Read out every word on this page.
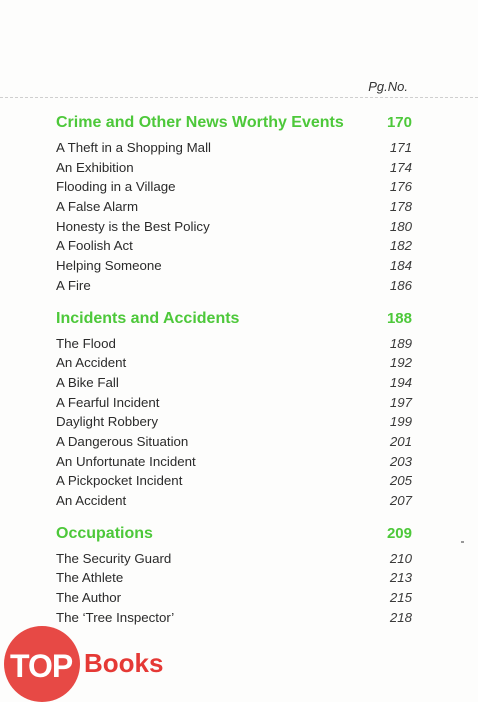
Pg.No.
Crime and Other News Worthy Events	170
A Theft in a Shopping Mall	171
An Exhibition	174
Flooding in a Village	176
A False Alarm	178
Honesty is the Best Policy	180
A Foolish Act	182
Helping Someone	184
A Fire	186
Incidents and Accidents	188
The Flood	189
An Accident	192
A Bike Fall	194
A Fearful Incident	197
Daylight Robbery	199
A Dangerous Situation	201
An Unfortunate Incident	203
A Pickpocket Incident	205
An Accident	207
Occupations	209
The Security Guard	210
The Athlete	213
The Author	215
The ‘Tree Inspector’	218
TOP Books
